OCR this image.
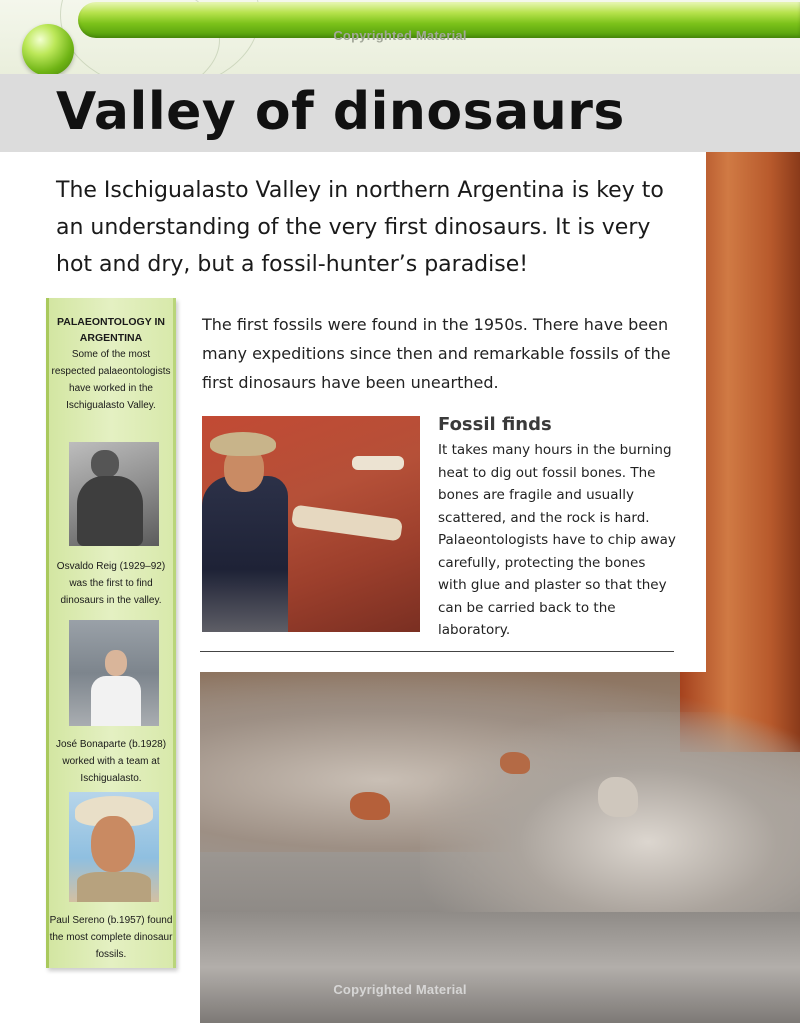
Copyrighted Material
Valley of dinosaurs

The Ischigualasto Valley in northern Argentina is key to an understanding of the very first dinosaurs. It is very hot and dry, but a fossil-hunter’s paradise!

The first fossils were found in the 1950s. There have been many expeditions since then and remarkable fossils of the first dinosaurs have been unearthed.

Fossil finds

It takes many hours in the burning heat to dig out fossil bones. The bones are fragile and usually scattered, and the rock is hard. Palaeontologists have to chip away carefully, protecting the bones with glue and plaster so that they can be carried back to the laboratory.

PALAEONTOLOGY IN ARGENTINA
Some of the most respected palaeontologists have worked in the Ischigualasto Valley.
Osvaldo Reig (1929–92) was the first to find dinosaurs in the valley.
José Bonaparte (b.1928) worked with a team at Ischigualasto.
Paul Sereno (b.1957) found the most complete dinosaur fossils.
Copyrighted Material
